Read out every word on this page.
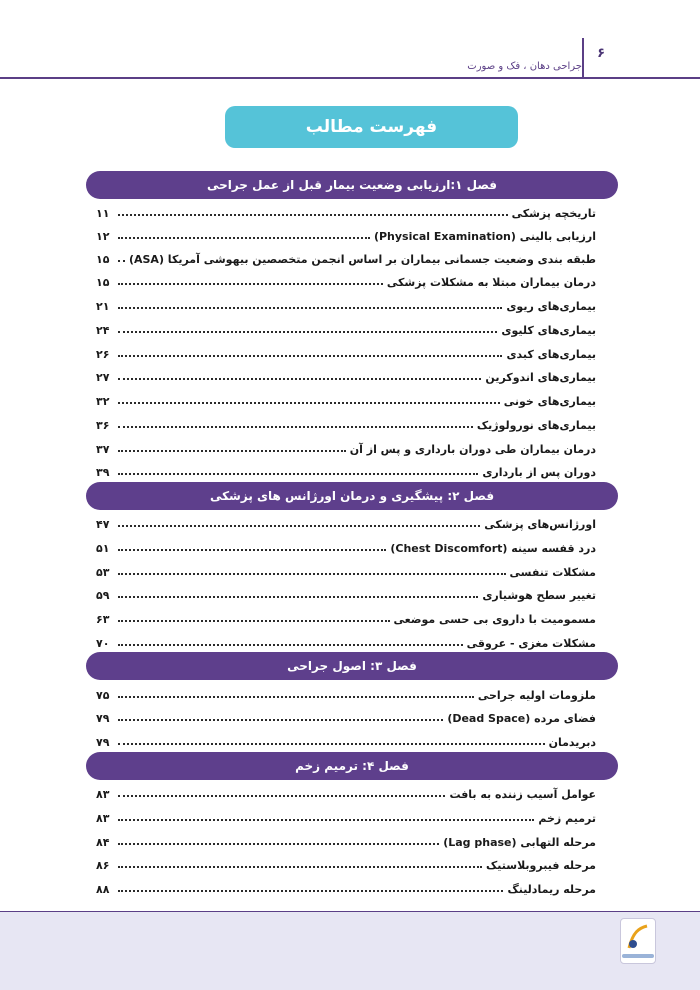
۶
جراحی دهان ، فک و صورت
فهرست مطالب
فصل ۱:ارزیابی وضعیت بیمار قبل از عمل جراحی
تاریخچه پزشکی
۱۱
ارزیابی بالینی (Physical Examination)
۱۲
طبقه بندی وضعیت جسمانی بیماران بر اساس انجمن متخصصین بیهوشی آمریکا (ASA)
۱۵
درمان بیماران مبتلا به مشکلات پزشکی
۱۵
بیماری‌های ریوی
۲۱
بیماری‌های کلیوی
۲۴
بیماری‌های کبدی
۲۶
بیماری‌های اندوکرین
۲۷
بیماری‌های خونی
۳۲
بیماری‌های نورولوژیک
۳۶
درمان بیماران طی دوران بارداری و پس از آن
۳۷
دوران پس از بارداری
۳۹
فصل ۲: پیشگیری و درمان اورژانس های پزشکی
اورژانس‌های پزشکی
۴۷
درد قفسه سینه (Chest Discomfort)
۵۱
مشکلات تنفسی
۵۳
تغییر سطح هوشیاری
۵۹
مسمومیت با داروی بی حسی موضعی
۶۳
مشکلات مغزی - عروقی
۷۰
فصل ۳: اصول جراحی
ملزومات اولیه جراحی
۷۵
فضای مرده (Dead Space)
۷۹
دبریدمان
۷۹
فصل ۴: ترمیم زخم
عوامل آسیب زننده به بافت
۸۳
ترمیم زخم
۸۳
مرحله التهابی (Lag phase)
۸۴
مرحله فیبروبلاستیک
۸۶
مرحله ریمادلینگ
۸۸
